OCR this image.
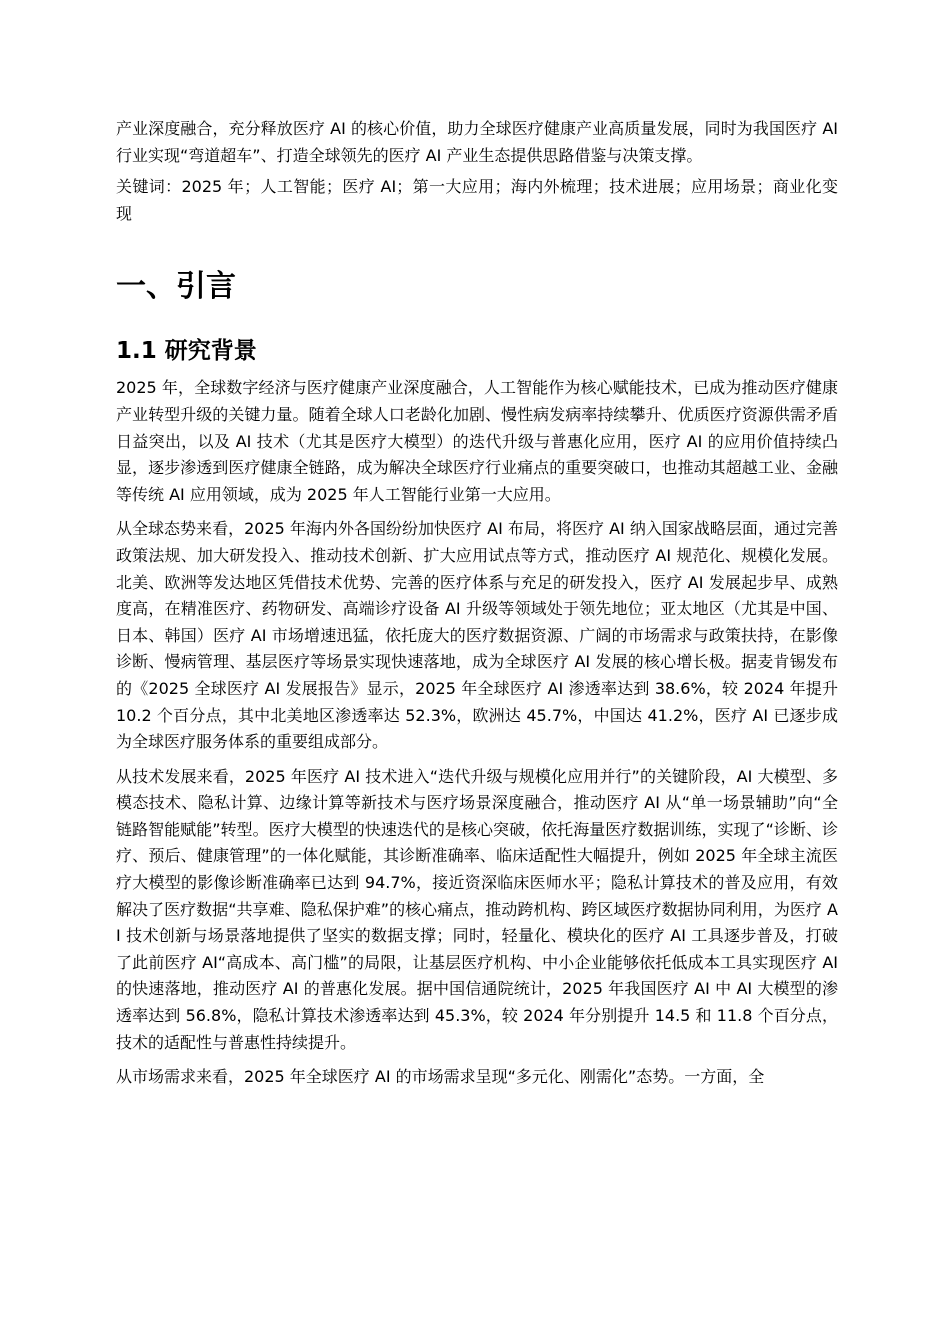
产业深度融合，充分释放医疗 AI 的核心价值，助力全球医疗健康产业高质量发展，同时为我国医疗 AI 行业实现“弯道超车”、打造全球领先的医疗 AI 产业生态提供思路借鉴与决策支撑。

关键词：2025 年；人工智能；医疗 AI；第一大应用；海内外梳理；技术进展；应用场景；商业化变现

一、引言
1.1 研究背景

2025 年，全球数字经济与医疗健康产业深度融合，人工智能作为核心赋能技术，已成为推动医疗健康产业转型升级的关键力量。随着全球人口老龄化加剧、慢性病发病率持续攀升、优质医疗资源供需矛盾日益突出，以及 AI 技术（尤其是医疗大模型）的迭代升级与普惠化应用，医疗 AI 的应用价值持续凸显，逐步渗透到医疗健康全链路，成为解决全球医疗行业痛点的重要突破口，也推动其超越工业、金融等传统 AI 应用领域，成为 2025 年人工智能行业第一大应用。

从全球态势来看，2025 年海内外各国纷纷加快医疗 AI 布局，将医疗 AI 纳入国家战略层面，通过完善政策法规、加大研发投入、推动技术创新、扩大应用试点等方式，推动医疗 AI 规范化、规模化发展。北美、欧洲等发达地区凭借技术优势、完善的医疗体系与充足的研发投入，医疗 AI 发展起步早、成熟度高，在精准医疗、药物研发、高端诊疗设备 AI 升级等领域处于领先地位；亚太地区（尤其是中国、日本、韩国）医疗 AI 市场增速迅猛，依托庞大的医疗数据资源、广阔的市场需求与政策扶持，在影像诊断、慢病管理、基层医疗等场景实现快速落地，成为全球医疗 AI 发展的核心增长极。据麦肯锡发布的《2025 全球医疗 AI 发展报告》显示，2025 年全球医疗 AI 渗透率达到 38.6%，较 2024 年提升 10.2 个百分点，其中北美地区渗透率达 52.3%，欧洲达 45.7%，中国达 41.2%，医疗 AI 已逐步成为全球医疗服务体系的重要组成部分。

从技术发展来看，2025 年医疗 AI 技术进入“迭代升级与规模化应用并行”的关键阶段，AI 大模型、多模态技术、隐私计算、边缘计算等新技术与医疗场景深度融合，推动医疗 AI 从“单一场景辅助”向“全链路智能赋能”转型。医疗大模型的快速迭代的是核心突破，依托海量医疗数据训练，实现了“诊断、诊疗、预后、健康管理”的一体化赋能，其诊断准确率、临床适配性大幅提升，例如 2025 年全球主流医疗大模型的影像诊断准确率已达到 94.7%，接近资深临床医师水平；隐私计算技术的普及应用，有效解决了医疗数据“共享难、隐私保护难”的核心痛点，推动跨机构、跨区域医疗数据协同利用，为医疗 AI 技术创新与场景落地提供了坚实的数据支撑；同时，轻量化、模块化的医疗 AI 工具逐步普及，打破了此前医疗 AI“高成本、高门槛”的局限，让基层医疗机构、中小企业能够依托低成本工具实现医疗 AI 的快速落地，推动医疗 AI 的普惠化发展。据中国信通院统计，2025 年我国医疗 AI 中 AI 大模型的渗透率达到 56.8%，隐私计算技术渗透率达到 45.3%，较 2024 年分别提升 14.5 和 11.8 个百分点，技术的适配性与普惠性持续提升。

从市场需求来看，2025 年全球医疗 AI 的市场需求呈现“多元化、刚需化”态势。一方面，全
